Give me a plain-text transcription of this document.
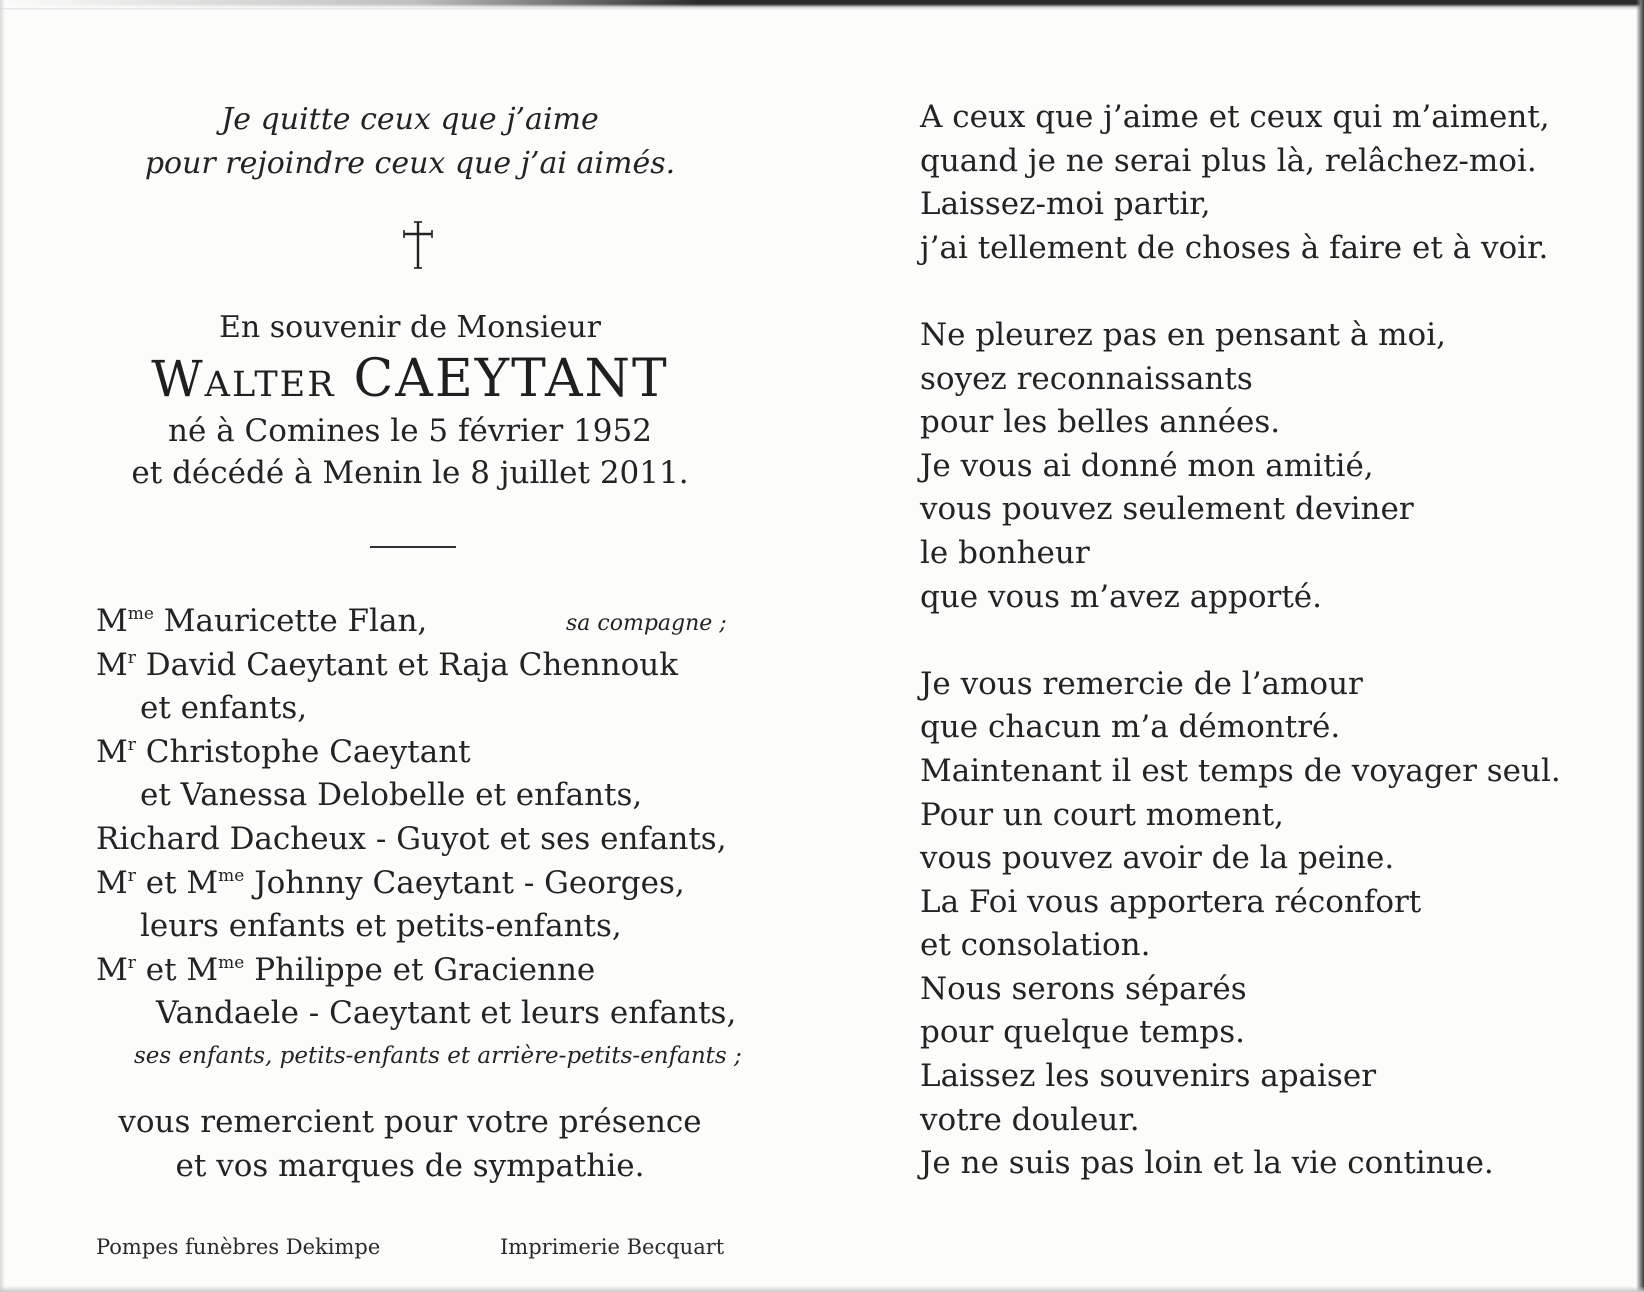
Je quitte ceux que j’aime
pour rejoindre ceux que j’ai aimés.
En souvenir de Monsieur
Walter CAEYTANT
né à Comines le 5 février 1952
et décédé à Menin le 8 juillet 2011.
$M^{me}$ Mauricette Flan,	sa compagne ;
$M^r$ David Caeytant et Raja Chennouk
et enfants,
$M^r$ Christophe Caeytant
et Vanessa Delobelle et enfants,
Richard Dacheux - Guyot et ses enfants,
$M^r$ et $M^{me}$ Johnny Caeytant - Georges,
leurs enfants et petits-enfants,
$M^r$ et $M^{me}$ Philippe et Gracienne
Vandaele - Caeytant et leurs enfants,
ses enfants, petits-enfants et arrière-petits-enfants ;
vous remercient pour votre présence
et vos marques de sympathie.
Pompes funèbres Dekimpe	Imprimerie Becquart
A ceux que j’aime et ceux qui m’aiment,
quand je ne serai plus là, relâchez-moi.
Laissez-moi partir,
j’ai tellement de choses à faire et à voir.
Ne pleurez pas en pensant à moi,
soyez reconnaissants
pour les belles années.
Je vous ai donné mon amitié,
vous pouvez seulement deviner
le bonheur
que vous m’avez apporté.
Je vous remercie de l’amour
que chacun m’a démontré.
Maintenant il est temps de voyager seul.
Pour un court moment,
vous pouvez avoir de la peine.
La Foi vous apportera réconfort
et consolation.
Nous serons séparés
pour quelque temps.
Laissez les souvenirs apaiser
votre douleur.
Je ne suis pas loin et la vie continue.
